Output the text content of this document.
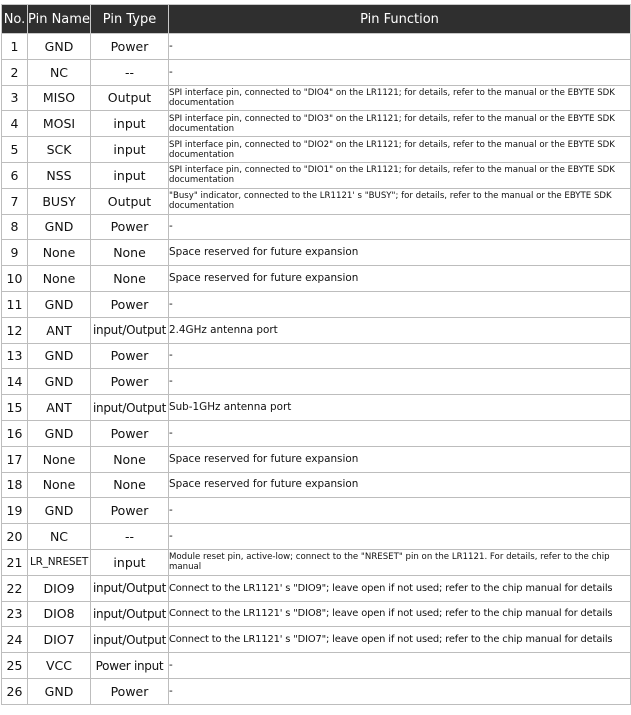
No.	Pin Name	Pin Type	Pin Function
1	GND	Power	-
2	NC	--	-
3	MISO	Output	SPI interface pin, connected to "DIO4" on the LR1121; for details, refer to the manual or the EBYTE SDK documentation
4	MOSI	input	SPI interface pin, connected to "DIO3" on the LR1121; for details, refer to the manual or the EBYTE SDK documentation
5	SCK	input	SPI interface pin, connected to "DIO2" on the LR1121; for details, refer to the manual or the EBYTE SDK documentation
6	NSS	input	SPI interface pin, connected to "DIO1" on the LR1121; for details, refer to the manual or the EBYTE SDK documentation
7	BUSY	Output	"Busy" indicator, connected to the LR1121' s "BUSY"; for details, refer to the manual or the EBYTE SDK documentation
8	GND	Power	-
9	None	None	Space reserved for future expansion
10	None	None	Space reserved for future expansion
11	GND	Power	-
12	ANT	input/Output	2.4GHz antenna port
13	GND	Power	-
14	GND	Power	-
15	ANT	input/Output	Sub-1GHz antenna port
16	GND	Power	-
17	None	None	Space reserved for future expansion
18	None	None	Space reserved for future expansion
19	GND	Power	-
20	NC	--	-
21	LR_NRESET	input	Module reset pin, active-low; connect to the "NRESET" pin on the LR1121. For details, refer to the chip manual
22	DIO9	input/Output	Connect to the LR1121' s "DIO9"; leave open if not used; refer to the chip manual for details
23	DIO8	input/Output	Connect to the LR1121' s "DIO8"; leave open if not used; refer to the chip manual for details
24	DIO7	input/Output	Connect to the LR1121' s "DIO7"; leave open if not used; refer to the chip manual for details
25	VCC	Power input	-
26	GND	Power	-
